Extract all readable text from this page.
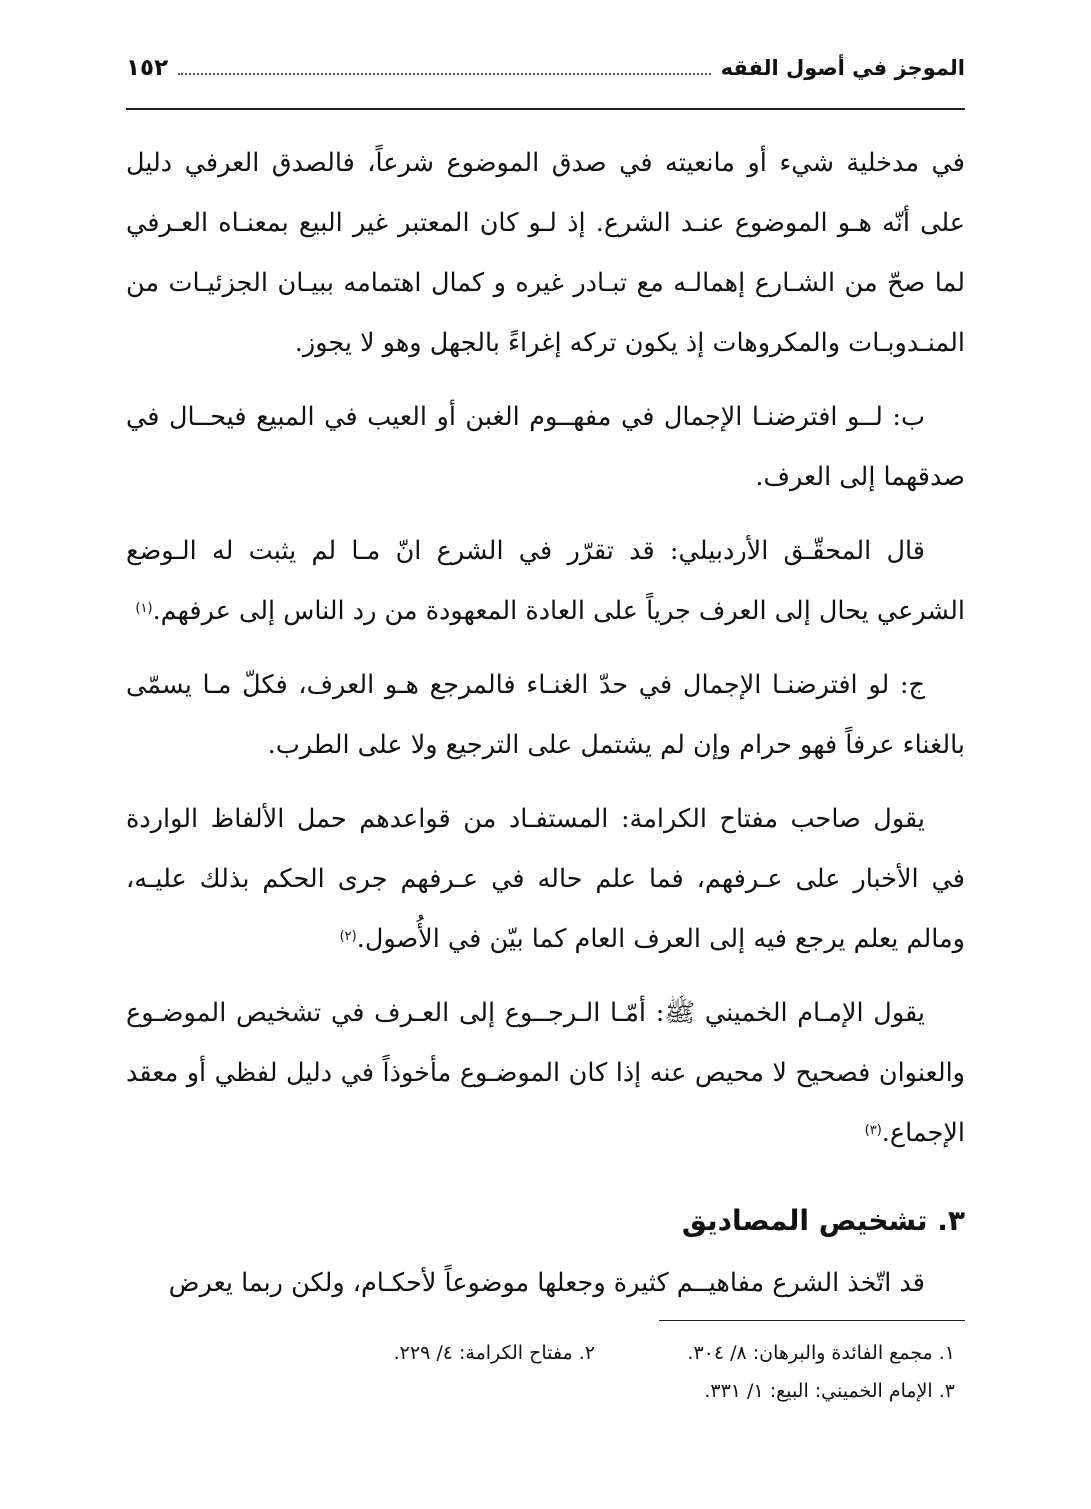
الموجز في أصول الفقه
١٥٢

في مدخلية شيء أو مانعيته في صدق الموضوع شرعاً، فالصدق العرفي دليل على أنّه هـو الموضوع عنـد الشرع. إذ لـو كان المعتبر غير البيع بمعنـاه العـرفي لما صحّ من الشـارع إهمالـه مع تبـادر غيره و كمال اهتمامه ببيـان الجزئيـات من المنـدوبـات والمكروهات إذ يكون تركه إغراءً بالجهل وهو لا يجوز.

ب: لــو افترضنـا الإجمال في مفهــوم الغبن أو العيب في المبيع فيحــال في صدقهما إلى العرف.

قال المحقّـق الأردبيلي: قد تقرّر في الشرع انّ مـا لم يثبت له الـوضع الشرعي يحال إلى العرف جرياً على العادة المعهودة من رد الناس إلى عرفهم.$^{(١)}$

ج: لو افترضنـا الإجمال في حدّ الغنـاء فالمرجع هـو العرف، فكلّ مـا يسمّى بالغناء عرفاً فهو حرام وإن لم يشتمل على الترجيع ولا على الطرب.

يقول صاحب مفتاح الكرامة: المستفـاد من قواعدهم حمل الألفاظ الواردة في الأخبار على عـرفهم، فما علم حاله في عـرفهم جرى الحكم بذلك عليـه، ومالم يعلم يرجع فيه إلى العرف العام كما بيّن في الأُصول.$^{(٢)}$

يقول الإمـام الخميني ﷺ: أمّـا الـرجــوع إلى العـرف في تشخيص الموضـوع والعنوان فصحيح لا محيص عنه إذا كان الموضـوع مأخوذاً في دليل لفظي أو معقد الإجماع.$^{(٣)}$

٣. تشخيص المصاديق

قد اتّخذ الشرع مفاهيــم كثيرة وجعلها موضوعاً لأحكـام، ولكن ربما يعرض

١. مجمع الفائدة والبرهان: ٨/ ٣٠٤.
٢. مفتاح الكرامة: ٤/ ٢٢٩.
٣. الإمام الخميني: البيع: ١/ ٣٣١.
